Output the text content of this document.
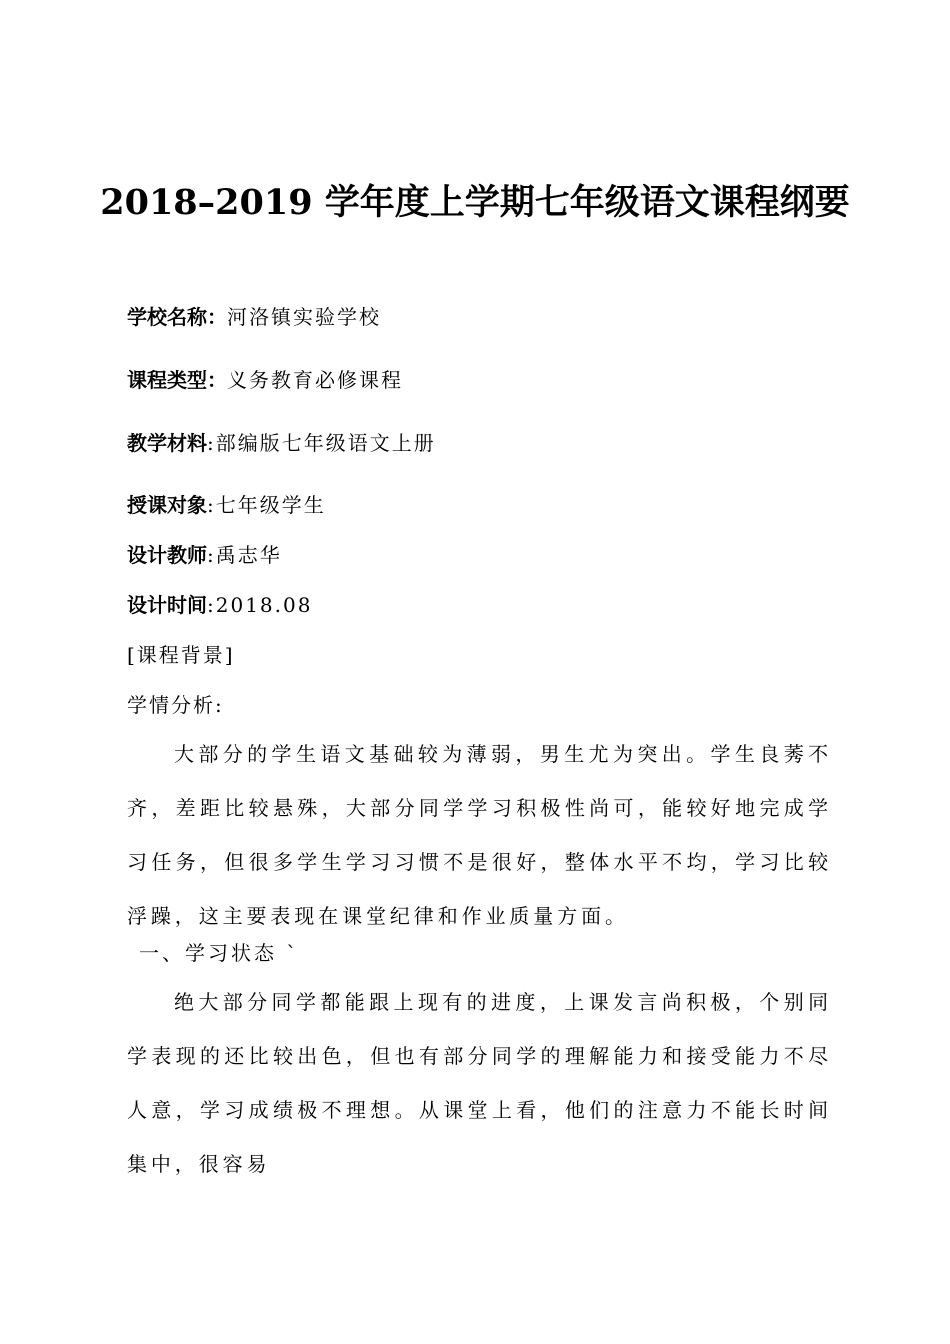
2018–2019 学年度上学期七年级语文课程纲要

学校名称：河洛镇实验学校

课程类型：义务教育必修课程

教学材料:部编版七年级语文上册

授课对象:七年级学生

设计教师:禹志华

设计时间:2018.08

[课程背景]

学情分析:

大部分的学生语文基础较为薄弱，男生尤为突出。学生良莠不齐，差距比较悬殊，大部分同学学习积极性尚可，能较好地完成学习任务，但很多学生学习习惯不是很好，整体水平不均，学习比较浮躁，这主要表现在课堂纪律和作业质量方面。

一、学习状态 `

绝大部分同学都能跟上现有的进度，上课发言尚积极，个别同学表现的还比较出色，但也有部分同学的理解能力和接受能力不尽人意，学习成绩极不理想。从课堂上看，他们的注意力不能长时间集中，很容易
